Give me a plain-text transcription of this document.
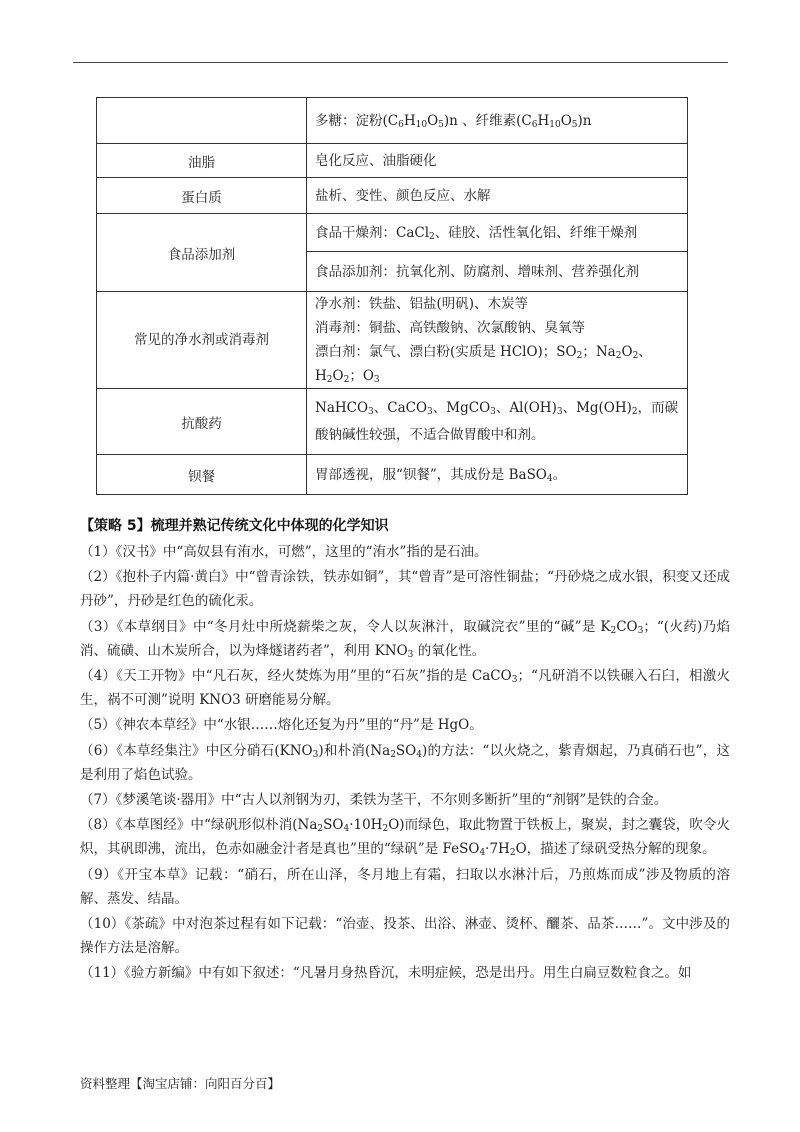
	多糖：淀粉$(C_6H_{10}O_5)n$ 、纤维素$(C_6H_{10}O_5)n$

油脂	皂化反应、油脂硬化

蛋白质	盐析、变性、颜色反应、水解

食品添加剂	食品干燥剂：CaCl$_2$、硅胶、活性氧化铝、纤维干燥剂

	食品添加剂：抗氧化剂、防腐剂、增味剂、营养强化剂

常见的净水剂或消毒剂	净水剂：铁盐、铝盐(明矾)、木炭等
消毒剂：铜盐、高铁酸钠、次氯酸钠、臭氧等
漂白剂：氯气、漂白粉(实质是 HClO)；$SO_2$；$Na_2O_2$、$H_2O_2$；$O_3$

抗酸药	NaHCO$_3$、CaCO$_3$、MgCO$_3$、$Al(OH)_3$、$Mg(OH)_2$，而碳酸钠碱性较强，不适合做胃酸中和剂。

钡餐	胃部透视，服“钡餐”，其成份是 BaSO$_4$。
【策略 5】梳理并熟记传统文化中体现的化学知识

（1）《汉书》中“高奴县有洧水，可燃”，这里的“洧水”指的是石油。

（2）《抱朴子内篇·黄白》中“曾青涂铁，铁赤如铜”，其“曾青”是可溶性铜盐；“丹砂烧之成水银，积变又还成丹砂”，丹砂是红色的硫化汞。

（3）《本草纲目》中“冬月灶中所烧薪柴之灰，令人以灰淋汁，取碱浣衣”里的“碱”是 $K_2CO_3$；“(火药)乃焰消、硫磺、山木炭所合，以为烽燧诸药者”，利用 $KNO_3$ 的氧化性。

（4）《天工开物》中“凡石灰，经火焚炼为用”里的“石灰”指的是 CaCO$_3$；“凡研消不以铁碾入石臼，相激火生，祸不可测”说明 KNO3 研磨能易分解。

（5）《神农本草经》中“水银……熔化还复为丹”里的“丹”是 HgO。

（6）《本草经集注》中区分硝石$(KNO_3)$和朴消$(Na_2SO_4)$的方法：“以火烧之，紫青烟起，乃真硝石也”，这是利用了焰色试验。

（7）《梦溪笔谈·器用》中“古人以剂钢为刃，柔铁为茎干，不尔则多断折”里的“剂钢”是铁的合金。

（8）《本草图经》中“绿矾形似朴消$(Na_2SO_4\cdot 10H_2O)$而绿色，取此物置于铁板上，聚炭，封之囊袋，吹令火炽，其矾即沸，流出，色赤如融金汁者是真也”里的“绿矾”是 $FeSO_4\cdot 7H_2O$，描述了绿矾受热分解的现象。

（9）《开宝本草》记载：“硝石，所在山泽，冬月地上有霜，扫取以水淋汁后，乃煎炼而成”涉及物质的溶解、蒸发、结晶。

（10）《茶疏》中对泡茶过程有如下记载：“治壶、投茶、出浴、淋壶、烫杯、釃茶、品茶……”。文中涉及的操作方法是溶解。

（11）《验方新编》中有如下叙述：“凡暑月身热昏沉，未明症候，恐是出丹。用生白扁豆数粒食之。如

资料整理【淘宝店铺：向阳百分百】
